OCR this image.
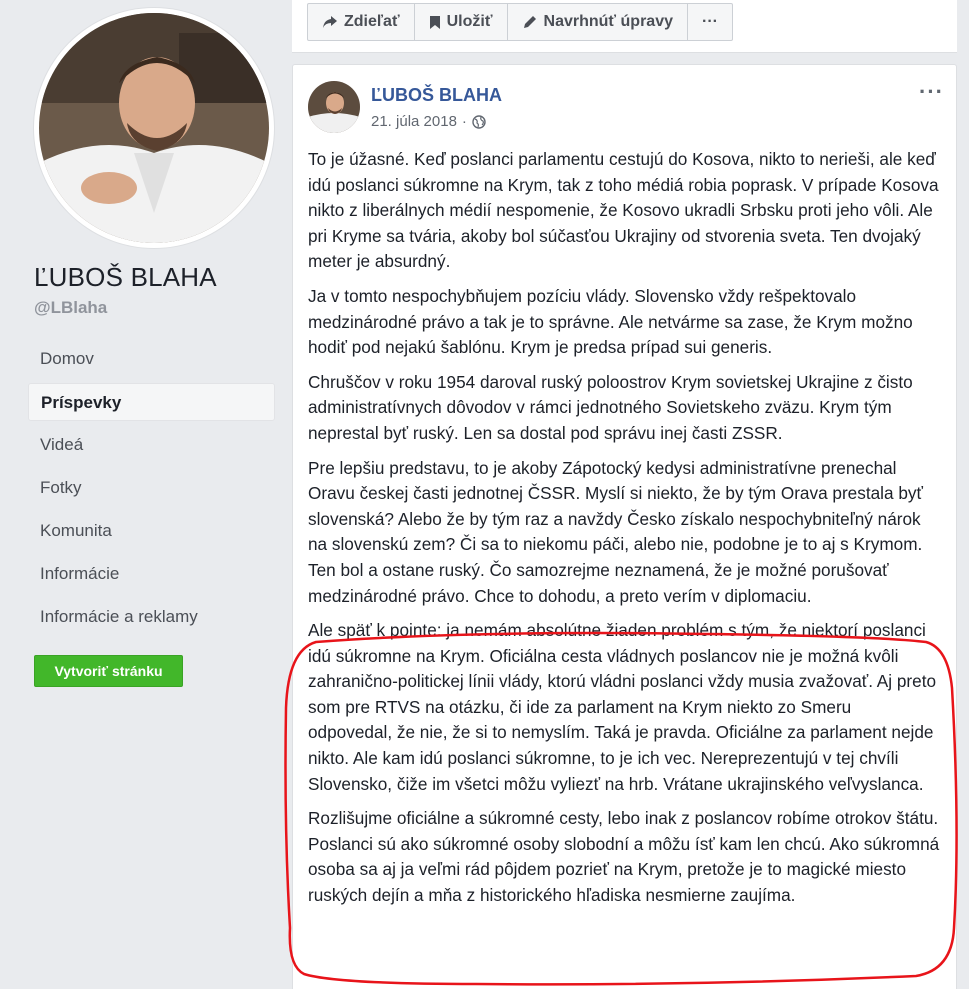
ĽUBOŠ BLAHA
@LBlaha
Domov
Príspevky
Videá
Fotky
Komunita
Informácie
Informácie a reklamy
Vytvoriť stránku
Zdieľať	Uložiť	Navrhnúť úpravy ···
ĽUBOŠ BLAHA
21. júla 2018 ·
···

To je úžasné. Keď poslanci parlamentu cestujú do Kosova, nikto to nerieši, ale keď idú poslanci súkromne na Krym, tak z toho médiá robia poprask. V prípade Kosova nikto z liberálnych médií nespomenie, že Kosovo ukradli Srbsku proti jeho vôli. Ale pri Kryme sa tvária, akoby bol súčasťou Ukrajiny od stvorenia sveta. Ten dvojaký meter je absurdný.

Ja v tomto nespochybňujem pozíciu vlády. Slovensko vždy rešpektovalo medzinárodné právo a tak je to správne. Ale netvárme sa zase, že Krym možno hodiť pod nejakú šablónu. Krym je predsa prípad sui generis.

Chruščov v roku 1954 daroval ruský poloostrov Krym sovietskej Ukrajine z čisto administratívnych dôvodov v rámci jednotného Sovietskeho zväzu. Krym tým neprestal byť ruský. Len sa dostal pod správu inej časti ZSSR.

Pre lepšiu predstavu, to je akoby Zápotocký kedysi administratívne prenechal Oravu českej časti jednotnej ČSSR. Myslí si niekto, že by tým Orava prestala byť slovenská? Alebo že by tým raz a navždy Česko získalo nespochybniteľný nárok na slovenskú zem? Či sa to niekomu páči, alebo nie, podobne je to aj s Krymom. Ten bol a ostane ruský. Čo samozrejme neznamená, že je možné porušovať medzinárodné právo. Chce to dohodu, a preto verím v diplomaciu.

Ale späť k pointe: ja nemám absolútne žiaden problém s tým, že niektorí poslanci idú súkromne na Krym. Oficiálna cesta vládnych poslancov nie je možná kvôli zahranično-politickej línii vlády, ktorú vládni poslanci vždy musia zvažovať. Aj preto som pre RTVS na otázku, či ide za parlament na Krym niekto zo Smeru odpovedal, že nie, že si to nemyslím. Taká je pravda. Oficiálne za parlament nejde nikto. Ale kam idú poslanci súkromne, to je ich vec. Nereprezentujú v tej chvíli Slovensko, čiže im všetci môžu vyliezť na hrb. Vrátane ukrajinského veľvyslanca.

Rozlišujme oficiálne a súkromné cesty, lebo inak z poslancov robíme otrokov štátu. Poslanci sú ako súkromné osoby slobodní a môžu ísť kam len chcú. Ako súkromná osoba sa aj ja veľmi rád pôjdem pozrieť na Krym, pretože je to magické miesto ruských dejín a mňa z historického hľadiska nesmierne zaujíma.
